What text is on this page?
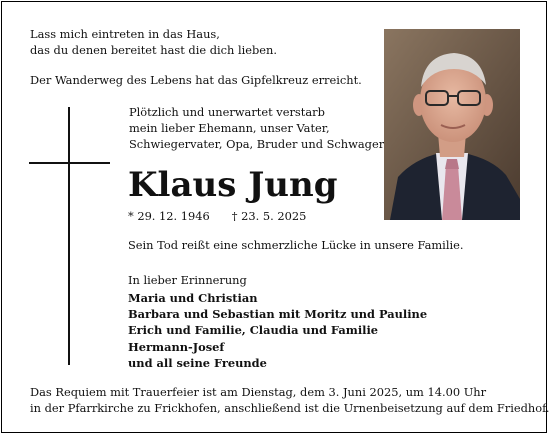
Lass mich eintreten in das Haus,
das du denen bereitet hast die dich lieben.
Der Wanderweg des Lebens hat das Gipfelkreuz erreicht.
Plötzlich und unerwartet verstarb
mein lieber Ehemann, unser Vater,
Schwiegervater, Opa, Bruder und Schwager
Klaus Jung
* 29. 12. 1946 † 23. 5. 2025
Sein Tod reißt eine schmerzliche Lücke in unsere Familie.
In lieber Erinnerung
Maria und Christian
Barbara und Sebastian mit Moritz und Pauline
Erich und Familie, Claudia und Familie
Hermann-Josef
und all seine Freunde
Das Requiem mit Trauerfeier ist am Dienstag, dem 3. Juni 2025, um 14.00 Uhr
in der Pfarrkirche zu Frickhofen, anschließend ist die Urnenbeisetzung auf dem Friedhof.
